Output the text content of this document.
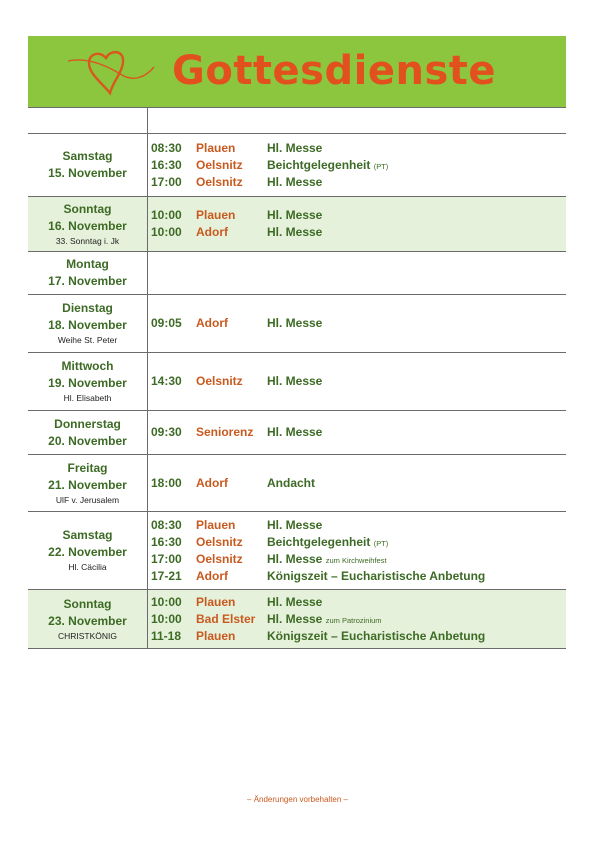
Gottesdienste
Samstag
15. November
08:30 Plauen	Hl. Messe
16:30 Oelsnitz Beichtgelegenheit (PT)
17:00 Oelsnitz Hl. Messe
Sonntag
16. November
33. Sonntag i. Jk
10:00 Plauen	Hl. Messe
10:00 Adorf	Hl. Messe
Montag
17. November
Dienstag
18. November
Weihe St. Peter
09:05 Adorf	Hl. Messe
Mittwoch
19. November
Hl. Elisabeth
14:30 Oelsnitz Hl. Messe
Donnerstag
20. November
09:30 Seniorenz Hl. Messe
Freitag
21. November
UlF v. Jerusalem
18:00 Adorf	Andacht
Samstag
22. November
Hl. Cäcilia
08:30 Plauen	Hl. Messe
16:30 Oelsnitz Beichtgelegenheit (PT)
17:00 Oelsnitz Hl. Messe zum Kirchweihfest
17-21 Adorf	Königszeit – Eucharistische Anbetung
Sonntag
23. November
CHRISTKÖNIG
10:00 Plauen	Hl. Messe
10:00 Bad Elster Hl. Messe zum Patrozinium
11-18 Plauen	Königszeit – Eucharistische Anbetung
– Änderungen vorbehalten –
